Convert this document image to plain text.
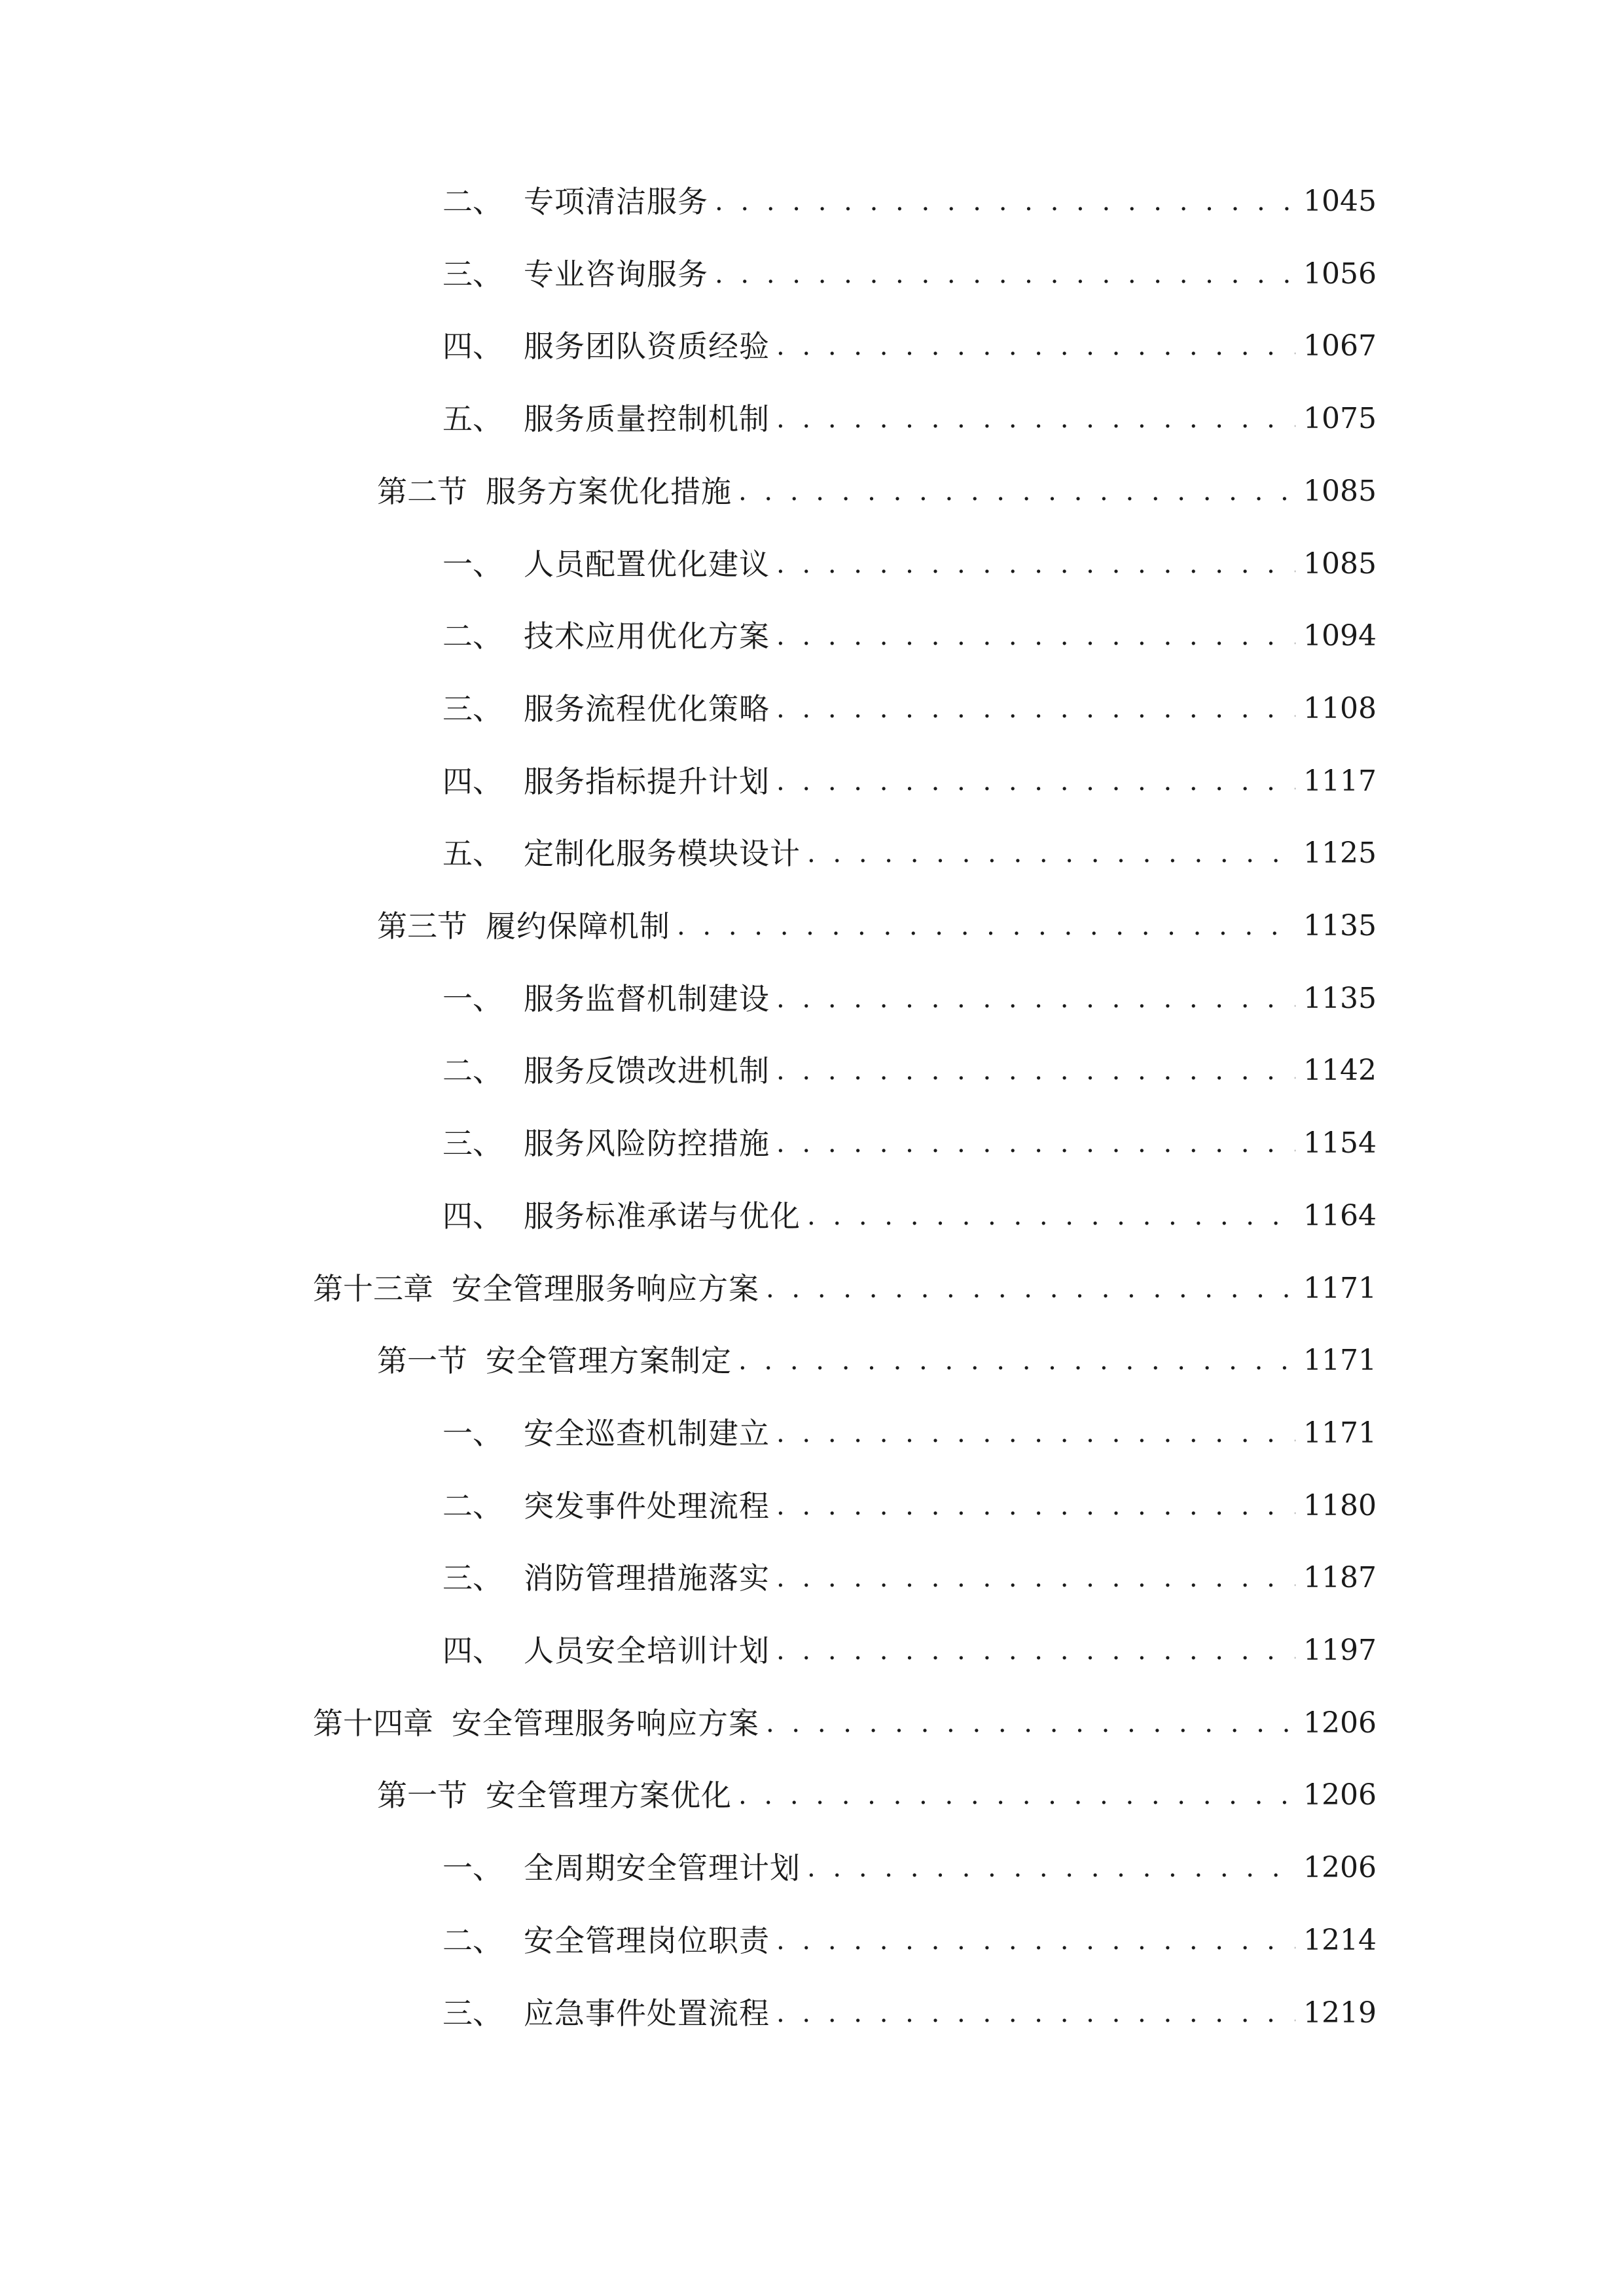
二、 专项清洁服务 . . .	1045
三、 专业咨询服务 . . .	1056
四、 服务团队资质经验 . . .	1067
五、 服务质量控制机制 . . .	1075
第二节 服务方案优化措施 . . .	1085
一、 人员配置优化建议 . . .	1085
二、 技术应用优化方案 . . .	1094
三、 服务流程优化策略 . . .	1108
四、 服务指标提升计划 . . .	1117
五、 定制化服务模块设计 . . .	1125
第三节 履约保障机制 . . .	1135
一、 服务监督机制建设 . . .	1135
二、 服务反馈改进机制 . . .	1142
三、 服务风险防控措施 . . .	1154
四、 服务标准承诺与优化 . . .	1164
第十三章 安全管理服务响应方案 . . .	1171
第一节 安全管理方案制定 . . .	1171
一、 安全巡查机制建立 . . .	1171
二、 突发事件处理流程 . . .	1180
三、 消防管理措施落实 . . .	1187
四、 人员安全培训计划 . . .	1197
第十四章 安全管理服务响应方案 . . .	1206
第一节 安全管理方案优化 . . .	1206
一、 全周期安全管理计划 . . .	1206
二、 安全管理岗位职责 . . .	1214
三、 应急事件处置流程 . . .	1219
